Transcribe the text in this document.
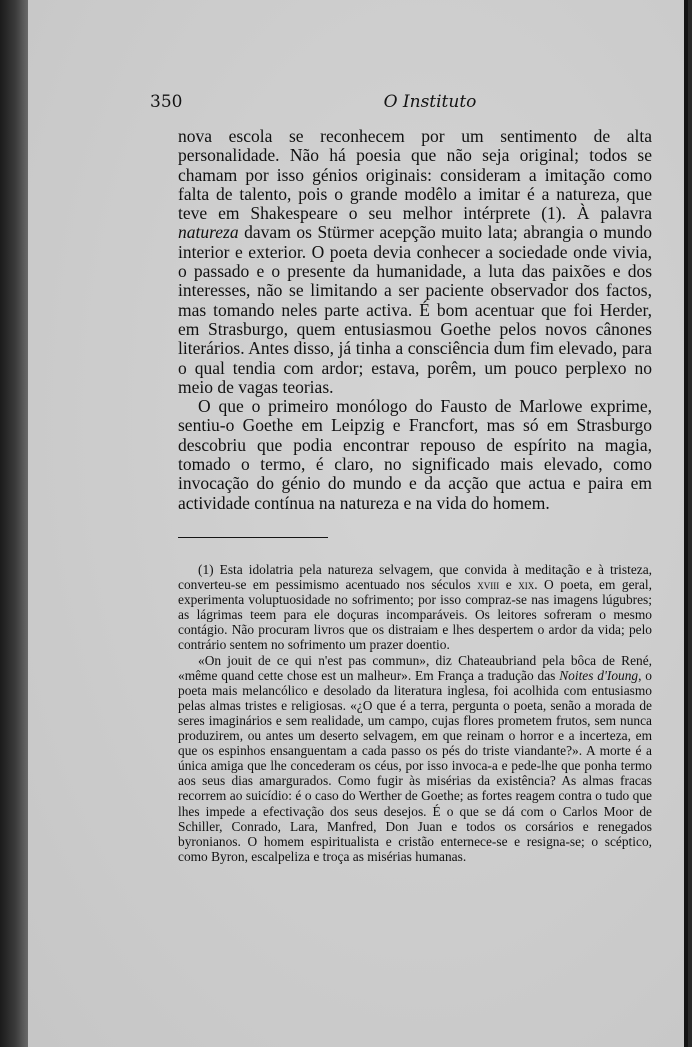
350	O Instituto

nova escola se reconhecem por um sentimento de alta personalidade. Não há poesia que não seja original; todos se chamam por isso génios originais: consideram a imitação como falta de talento, pois o grande modêlo a imitar é a natureza, que teve em Shakespeare o seu melhor intérprete (1). À palavra natureza davam os Stürmer acepção muito lata; abrangia o mundo interior e exterior. O poeta devia conhecer a sociedade onde vivia, o passado e o presente da humanidade, a luta das paixões e dos interesses, não se limitando a ser paciente observador dos factos, mas tomando neles parte activa. É bom acentuar que foi Herder, em Strasburgo, quem entusiasmou Goethe pelos novos cânones literários. Antes disso, já tinha a consciência dum fim elevado, para o qual tendia com ardor; estava, porêm, um pouco perplexo no meio de vagas teorias.

O que o primeiro monólogo do Fausto de Marlowe exprime, sentiu-o Goethe em Leipzig e Francfort, mas só em Strasburgo descobriu que podia encontrar repouso de espírito na magia, tomado o termo, é claro, no significado mais elevado, como invocação do génio do mundo e da acção que actua e paira em actividade contínua na natureza e na vida do homem.

(1) Esta idolatria pela natureza selvagem, que convida à meditação e à tristeza, converteu-se em pessimismo acentuado nos séculos xviii e xix. O poeta, em geral, experimenta voluptuosidade no sofrimento; por isso compraz-se nas imagens lúgubres; as lágrimas teem para ele doçuras incomparáveis. Os leitores sofreram o mesmo contágio. Não procuram livros que os distraiam e lhes despertem o ardor da vida; pelo contrário sentem no sofrimento um prazer doentio.

«On jouit de ce qui n'est pas commun», diz Chateaubriand pela bôca de René, «même quand cette chose est un malheur». Em França a tradução das Noites d'Ioung, o poeta mais melancólico e desolado da literatura inglesa, foi acolhida com entusiasmo pelas almas tristes e religiosas. «¿O que é a terra, pergunta o poeta, senão a morada de seres imaginários e sem realidade, um campo, cujas flores prometem frutos, sem nunca produzirem, ou antes um deserto selvagem, em que reinam o horror e a incerteza, em que os espinhos ensanguentam a cada passo os pés do triste viandante?». A morte é a única amiga que lhe concederam os céus, por isso invoca-a e pede-lhe que ponha termo aos seus dias amargurados. Como fugir às misérias da existência? As almas fracas recorrem ao suicídio: é o caso do Werther de Goethe; as fortes reagem contra o tudo que lhes impede a efectivação dos seus desejos. É o que se dá com o Carlos Moor de Schiller, Conrado, Lara, Manfred, Don Juan e todos os corsários e renegados byronianos. O homem espiritualista e cristão enternece-se e resigna-se; o scéptico, como Byron, escalpeliza e troça as misérias humanas.
